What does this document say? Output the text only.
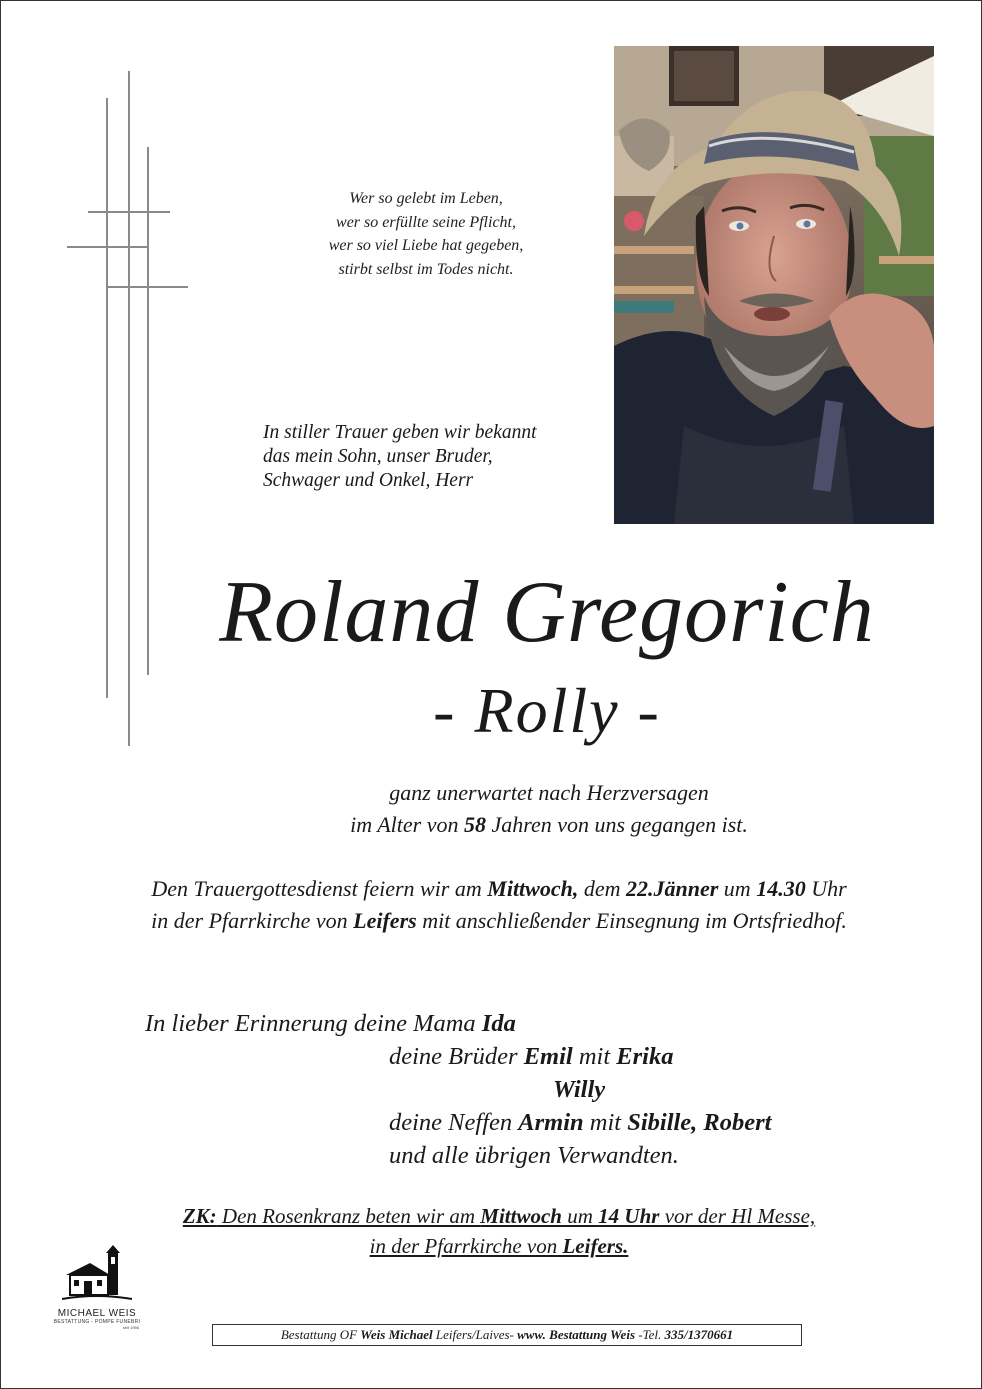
Wer so gelebt im Leben,
wer so erfüllte seine Pflicht,
wer so viel Liebe hat gegeben,
stirbt selbst im Todes nicht.
In stiller Trauer geben wir bekannt
das mein Sohn, unser Bruder,
Schwager und Onkel, Herr
Roland Gregorich
- Rolly -
ganz unerwartet nach Herzversagen
im Alter von 58 Jahren von uns gegangen ist.
Den Trauergottesdienst feiern wir am Mittwoch, dem 22.Jänner um 14.30 Uhr
in der Pfarrkirche von Leifers mit anschließender Einsegnung im Ortsfriedhof.
In lieber Erinnerung deine Mama Ida
deine Brüder Emil mit Erika
Willy
deine Neffen Armin mit Sibille, Robert
und alle übrigen Verwandten.
ZK: Den Rosenkranz beten wir am Mittwoch um 14 Uhr vor der Hl Messe,
in der Pfarrkirche von Leifers.
MICHAEL WEIS
BESTATTUNG - POMPE FUNEBRI
seit 1956	Bestattung OF Weis Michael Leifers/Laives- www. Bestattung Weis -Tel. 335/1370661
